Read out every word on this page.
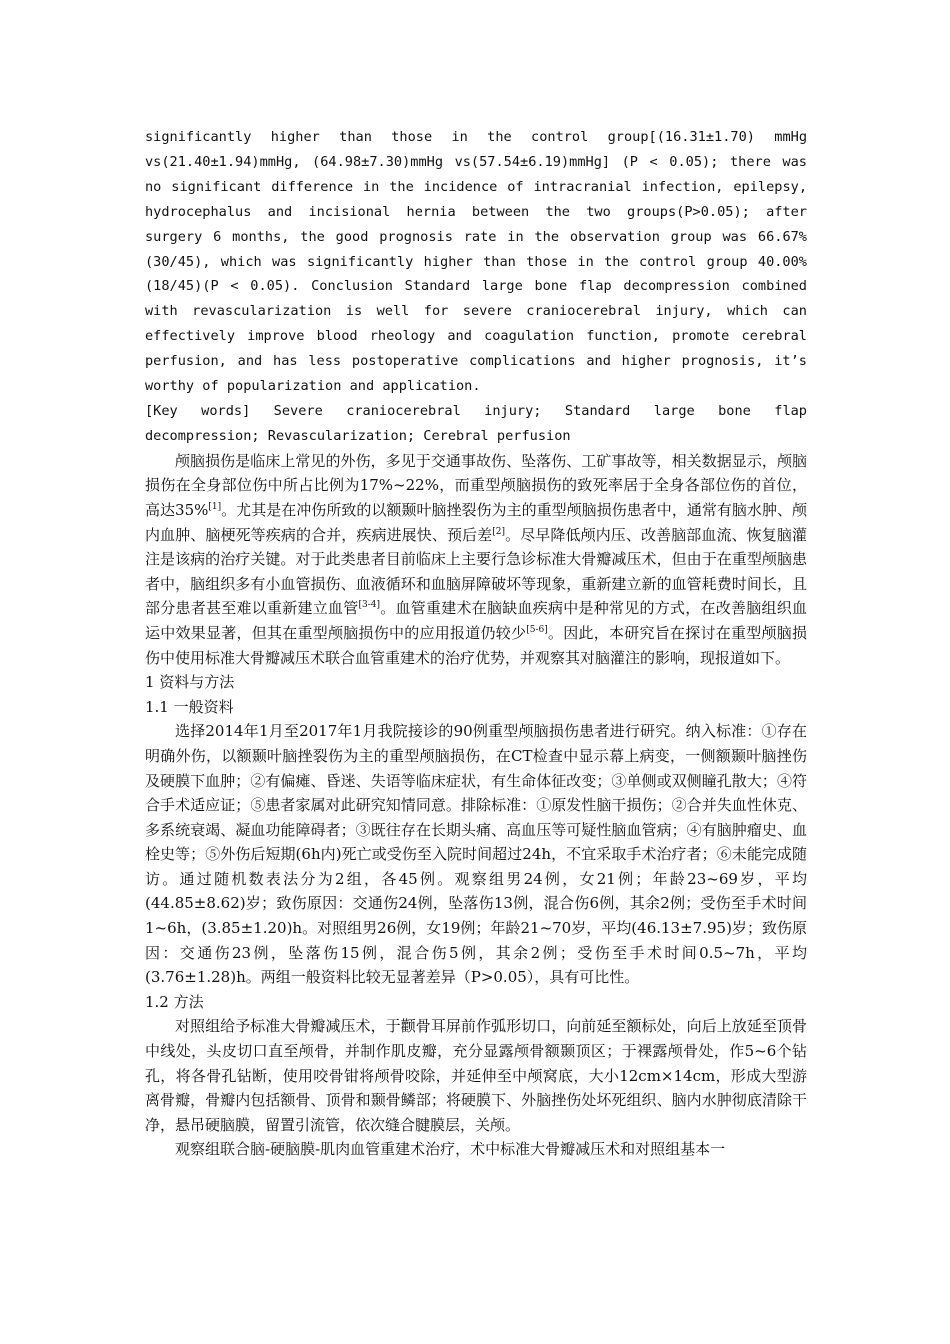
significantly higher than those in the control group[(16.31±1.70) mmHg vs(21.40±1.94)mmHg, (64.98±7.30)mmHg vs(57.54±6.19)mmHg] (P < 0.05); there was no significant difference in the incidence of intracranial infection, epilepsy, hydrocephalus and incisional hernia between the two groups(P>0.05); after surgery 6 months, the good prognosis rate in the observation group was 66.67% (30/45), which was significantly higher than those in the control group 40.00%(18/45)(P < 0.05). Conclusion Standard large bone flap decompression combined with revascularization is well for severe craniocerebral injury, which can effectively improve blood rheology and coagulation function, promote cerebral perfusion, and has less postoperative complications and higher prognosis, it’s worthy of popularization and application.

[Key words] Severe craniocerebral injury; Standard large bone flap decompression; Revascularization; Cerebral perfusion

颅脑损伤是临床上常见的外伤，多见于交通事故伤、坠落伤、工矿事故等，相关数据显示，颅脑损伤在全身部位伤中所占比例为17%~22%，而重型颅脑损伤的致死率居于全身各部位伤的首位，高达35%[1]。尤其是在冲伤所致的以额颞叶脑挫裂伤为主的重型颅脑损伤患者中，通常有脑水肿、颅内血肿、脑梗死等疾病的合并，疾病进展快、预后差[2]。尽早降低颅内压、改善脑部血流、恢复脑灌注是该病的治疗关键。对于此类患者目前临床上主要行急诊标准大骨瓣减压术，但由于在重型颅脑患者中，脑组织多有小血管损伤、血液循环和血脑屏障破坏等现象，重新建立新的血管耗费时间长，且部分患者甚至难以重新建立血管[3-4]。血管重建术在脑缺血疾病中是种常见的方式，在改善脑组织血运中效果显著，但其在重型颅脑损伤中的应用报道仍较少[5-6]。因此，本研究旨在探讨在重型颅脑损伤中使用标准大骨瓣减压术联合血管重建术的治疗优势，并观察其对脑灌注的影响，现报道如下。

1 资料与方法

1.1 一般资料

选择2014年1月至2017年1月我院接诊的90例重型颅脑损伤患者进行研究。纳入标准：①存在明确外伤，以额颞叶脑挫裂伤为主的重型颅脑损伤，在CT检查中显示幕上病变，一侧额颞叶脑挫伤及硬膜下血肿；②有偏瘫、昏迷、失语等临床症状，有生命体征改变；③单侧或双侧瞳孔散大；④符合手术适应证；⑤患者家属对此研究知情同意。排除标准：①原发性脑干损伤；②合并失血性休克、多系统衰竭、凝血功能障碍者；③既往存在长期头痛、高血压等可疑性脑血管病；④有脑肿瘤史、血栓史等；⑤外伤后短期(6h内)死亡或受伤至入院时间超过24h，不宜采取手术治疗者；⑥未能完成随访。通过随机数表法分为2组，各45例。观察组男24例，女21例；年龄23~69岁，平均(44.85±8.62)岁；致伤原因：交通伤24例，坠落伤13例，混合伤6例，其余2例；受伤至手术时间1~6h，(3.85±1.20)h。对照组男26例，女19例；年龄21~70岁，平均(46.13±7.95)岁；致伤原因：交通伤23例，坠落伤15例，混合伤5例，其余2例；受伤至手术时间0.5~7h，平均(3.76±1.28)h。两组一般资料比较无显著差异（P>0.05），具有可比性。

1.2 方法

对照组给予标准大骨瓣减压术，于颧骨耳屏前作弧形切口，向前延至额标处，向后上放延至顶骨中线处，头皮切口直至颅骨，并制作肌皮瓣，充分显露颅骨额颞顶区；于裸露颅骨处，作5~6个钻孔，将各骨孔钻断，使用咬骨钳将颅骨咬除，并延伸至中颅窝底，大小12cm×14cm，形成大型游离骨瓣，骨瓣内包括额骨、顶骨和颞骨鳞部；将硬膜下、外脑挫伤处坏死组织、脑内水肿彻底清除干净，悬吊硬脑膜，留置引流管，依次缝合腱膜层，关颅。

观察组联合脑-硬脑膜-肌肉血管重建术治疗，术中标准大骨瓣减压术和对照组基本一
